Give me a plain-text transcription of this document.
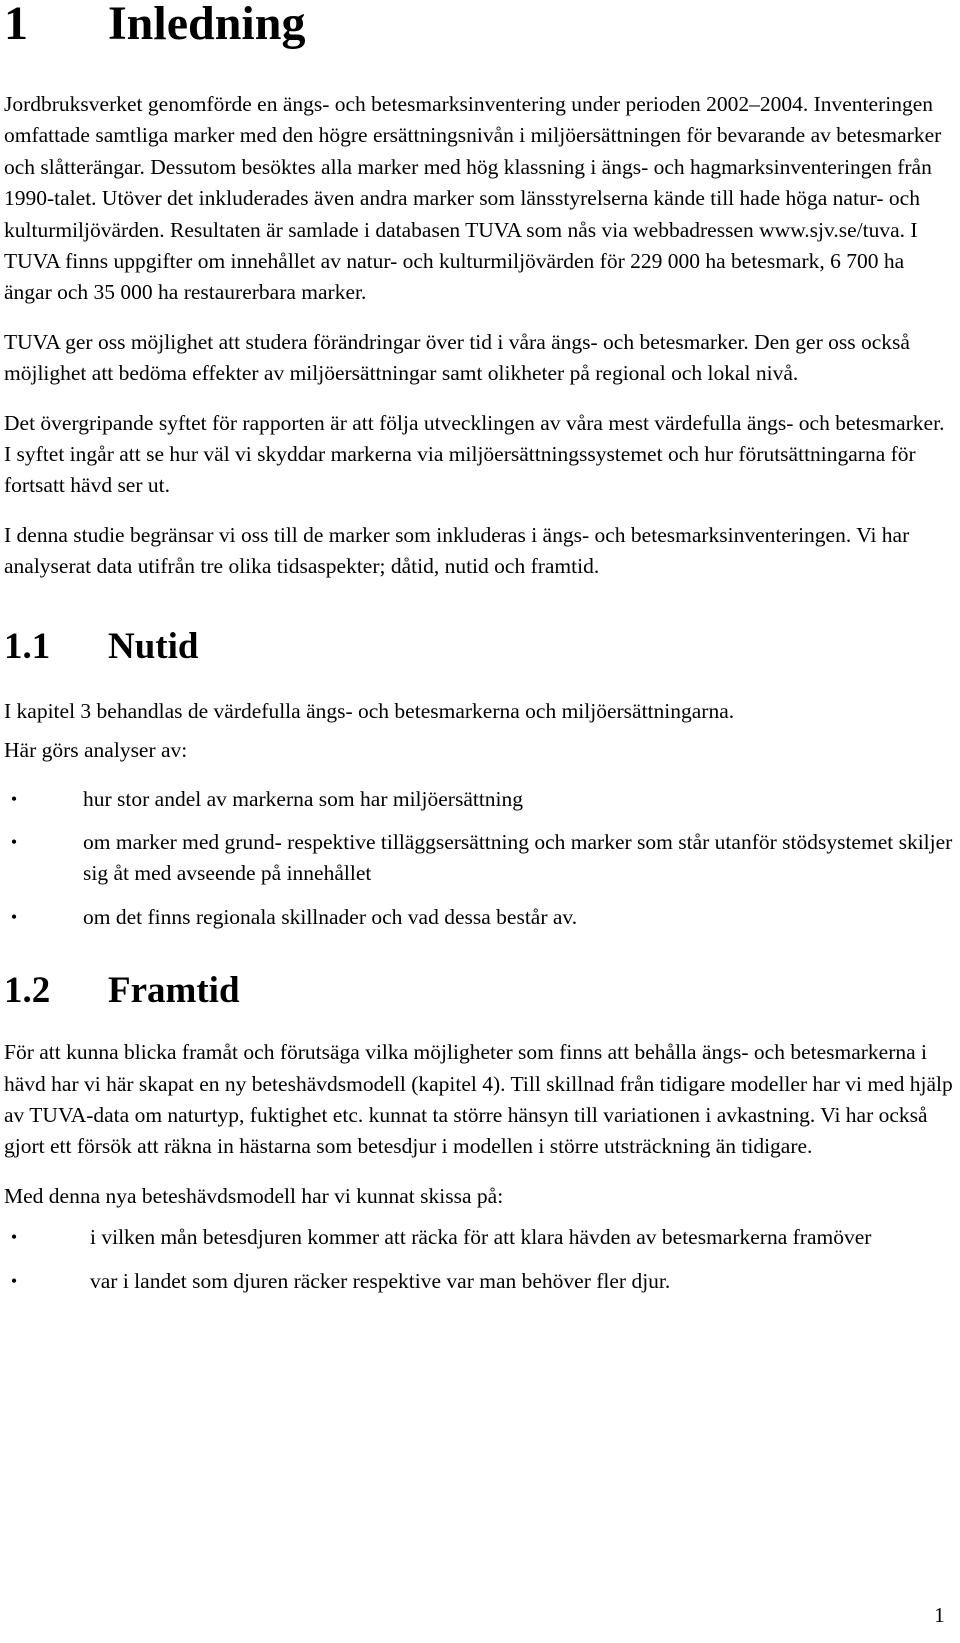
1 Inledning

Jordbruksverket genomförde en ängs- och betesmarksinventering under perioden 2002–2004. Inventeringen omfattade samtliga marker med den högre ersättningsnivån i miljöersättningen för bevarande av betesmarker och slåtterängar. Dessutom besöktes alla marker med hög klassning i ängs- och hagmarksinventeringen från 1990-talet. Utöver det inkluderades även andra marker som länsstyrelserna kände till hade höga natur- och kulturmiljövärden. Resultaten är samlade i databasen TUVA som nås via webbadressen www.sjv.se/tuva. I TUVA finns uppgifter om innehållet av natur- och kulturmiljövärden för 229 000 ha betesmark, 6 700 ha ängar och 35 000 ha restaurerbara marker.

TUVA ger oss möjlighet att studera förändringar över tid i våra ängs- och betesmarker. Den ger oss också möjlighet att bedöma effekter av miljöersättningar samt olikheter på regional och lokal nivå.

Det övergripande syftet för rapporten är att följa utvecklingen av våra mest värdefulla ängs- och betesmarker. I syftet ingår att se hur väl vi skyddar markerna via miljöersättningssystemet och hur förutsättningarna för fortsatt hävd ser ut.

I denna studie begränsar vi oss till de marker som inkluderas i ängs- och betesmarksinventeringen. Vi har analyserat data utifrån tre olika tidsaspekter; dåtid, nutid och framtid.

1.1 Nutid

I kapitel 3 behandlas de värdefulla ängs- och betesmarkerna och miljöersättningarna.

Här görs analyser av:

•	hur stor andel av markerna som har miljöersättning
•	om marker med grund- respektive tilläggsersättning och marker som står utanför stödsystemet skiljer sig åt med avseende på innehållet
•	om det finns regionala skillnader och vad dessa består av.
1.2 Framtid

För att kunna blicka framåt och förutsäga vilka möjligheter som finns att behålla ängs- och betesmarkerna i hävd har vi här skapat en ny beteshävdsmodell (kapitel 4). Till skillnad från tidigare modeller har vi med hjälp av TUVA-data om naturtyp, fuktighet etc. kunnat ta större hänsyn till variationen i avkastning. Vi har också gjort ett försök att räkna in hästarna som betesdjur i modellen i större utsträckning än tidigare.

Med denna nya beteshävdsmodell har vi kunnat skissa på:

•	i vilken mån betesdjuren kommer att räcka för att klara hävden av betesmarkerna framöver
•	var i landet som djuren räcker respektive var man behöver fler djur.
1
